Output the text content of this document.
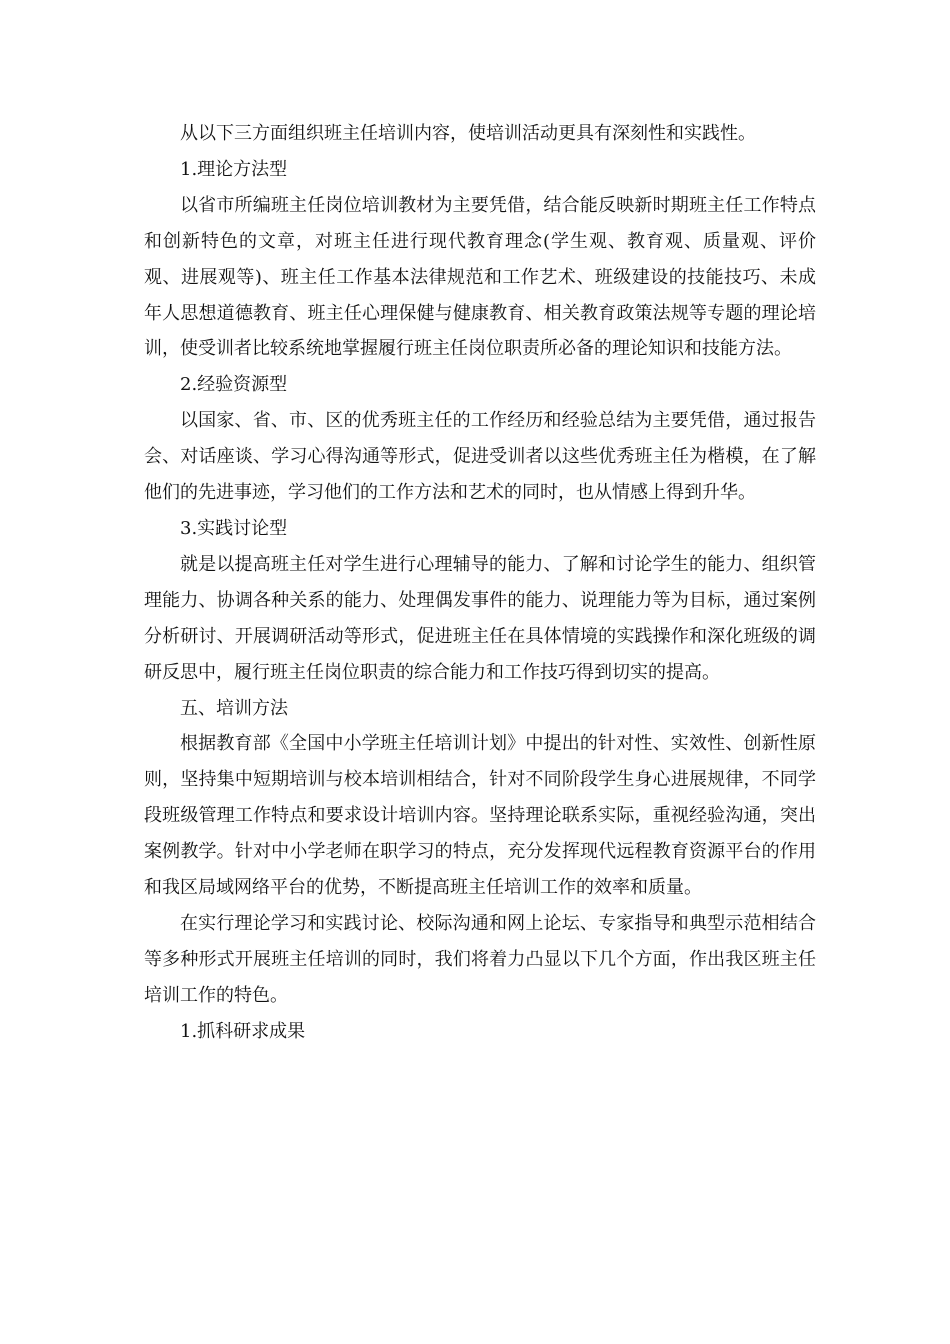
从以下三方面组织班主任培训内容，使培训活动更具有深刻性和实践性。

1.理论方法型

以省市所编班主任岗位培训教材为主要凭借，结合能反映新时期班主任工作特点和创新特色的文章，对班主任进行现代教育理念(学生观、教育观、质量观、评价观、进展观等)、班主任工作基本法律规范和工作艺术、班级建设的技能技巧、未成年人思想道德教育、班主任心理保健与健康教育、相关教育政策法规等专题的理论培训，使受训者比较系统地掌握履行班主任岗位职责所必备的理论知识和技能方法。

2.经验资源型

以国家、省、市、区的优秀班主任的工作经历和经验总结为主要凭借，通过报告会、对话座谈、学习心得沟通等形式，促进受训者以这些优秀班主任为楷模，在了解他们的先进事迹，学习他们的工作方法和艺术的同时，也从情感上得到升华。

3.实践讨论型

就是以提高班主任对学生进行心理辅导的能力、了解和讨论学生的能力、组织管理能力、协调各种关系的能力、处理偶发事件的能力、说理能力等为目标，通过案例分析研讨、开展调研活动等形式，促进班主任在具体情境的实践操作和深化班级的调研反思中，履行班主任岗位职责的综合能力和工作技巧得到切实的提高。

五、培训方法

根据教育部《全国中小学班主任培训计划》中提出的针对性、实效性、创新性原则，坚持集中短期培训与校本培训相结合，针对不同阶段学生身心进展规律，不同学段班级管理工作特点和要求设计培训内容。坚持理论联系实际，重视经验沟通，突出案例教学。针对中小学老师在职学习的特点，充分发挥现代远程教育资源平台的作用和我区局域网络平台的优势，不断提高班主任培训工作的效率和质量。

在实行理论学习和实践讨论、校际沟通和网上论坛、专家指导和典型示范相结合等多种形式开展班主任培训的同时，我们将着力凸显以下几个方面，作出我区班主任培训工作的特色。

1.抓科研求成果
